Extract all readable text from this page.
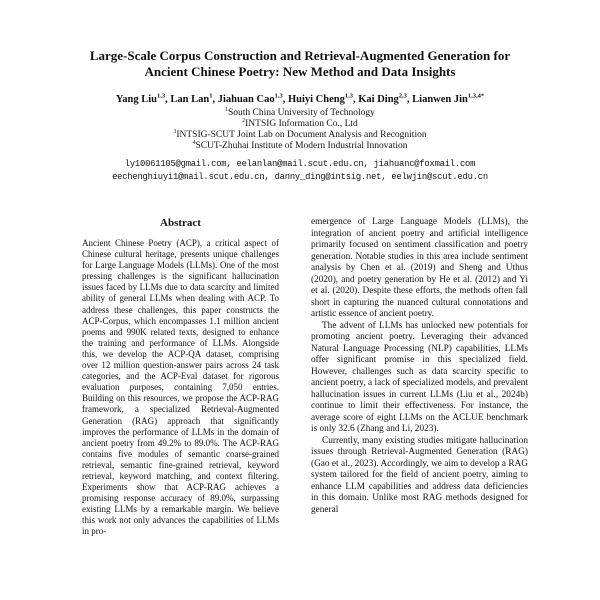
Large-Scale Corpus Construction and Retrieval-Augmented Generation for
Ancient Chinese Poetry: New Method and Data Insights
Yang Liu$^{1,3}$, Lan Lan$^1$, Jiahuan Cao$^{1,3}$, Huiyi Cheng$^{1,3}$, Kai Ding$^{2,3}$, Lianwen Jin$^{1,3,4*}$
$^1$South China University of Technology
$^2$INTSIG Information Co., Ltd
$^3$INTSIG-SCUT Joint Lab on Document Analysis and Recognition
$^4$SCUT-Zhuhai Institute of Modern Industrial Innovation
ly10061105@gmail.com, eelanlan@mail.scut.edu.cn, jiahuanc@foxmail.com
eechenghiuyi1@mail.scut.edu.cn, danny_ding@intsig.net, eelwjin@scut.edu.cn
Abstract

Ancient Chinese Poetry (ACP), a critical aspect of Chinese cultural heritage, presents unique challenges for Large Language Models (LLMs). One of the most pressing challenges is the significant hallucination issues faced by LLMs due to data scarcity and limited ability of general LLMs when dealing with ACP. To address these challenges, this paper constructs the ACP-Corpus, which encompasses 1.1 million ancient poems and 990K related texts, designed to enhance the training and performance of LLMs. Alongside this, we develop the ACP-QA dataset, comprising over 12 million question-answer pairs across 24 task categories, and the ACP-Eval dataset for rigorous evaluation purposes, containing 7,050 entries. Building on this resources, we propose the ACP-RAG framework, a specialized Retrieval-Augmented Generation (RAG) approach that significantly improves the performance of LLMs in the domain of ancient poetry from 49.2% to 89.0%. The ACP-RAG contains five modules of semantic coarse-grained retrieval, semantic fine-grained retrieval, keyword retrieval, keyword matching, and context filtering. Experiments show that ACP-RAG achieves a promising response accuracy of 89.0%, surpassing existing LLMs by a remarkable margin. We believe this work not only advances the capabilities of LLMs in pro-

emergence of Large Language Models (LLMs), the integration of ancient poetry and artificial intelligence primarily focused on sentiment classification and poetry generation. Notable studies in this area include sentiment analysis by Chen et al. (2019) and Sheng and Uthus (2020), and poetry generation by He et al. (2012) and Yi et al. (2020). Despite these efforts, the methods often fall short in capturing the nuanced cultural connotations and artistic essence of ancient poetry.

The advent of LLMs has unlocked new potentials for promoting ancient poetry. Leveraging their advanced Natural Language Processing (NLP) capabilities, LLMs offer significant promise in this specialized field. However, challenges such as data scarcity specific to ancient poetry, a lack of specialized models, and prevalent hallucination issues in current LLMs (Liu et al., 2024b) continue to limit their effectiveness. For instance, the average score of eight LLMs on the ACLUE benchmark is only 32.6 (Zhang and Li, 2023).

Currently, many existing studies mitigate hallucination issues through Retrieval-Augmented Generation (RAG) (Gao et al., 2023). Accordingly, we aim to develop a RAG system tailored for the field of ancient poetry, aiming to enhance LLM capabilities and address data deficiencies in this domain. Unlike most RAG methods designed for general
